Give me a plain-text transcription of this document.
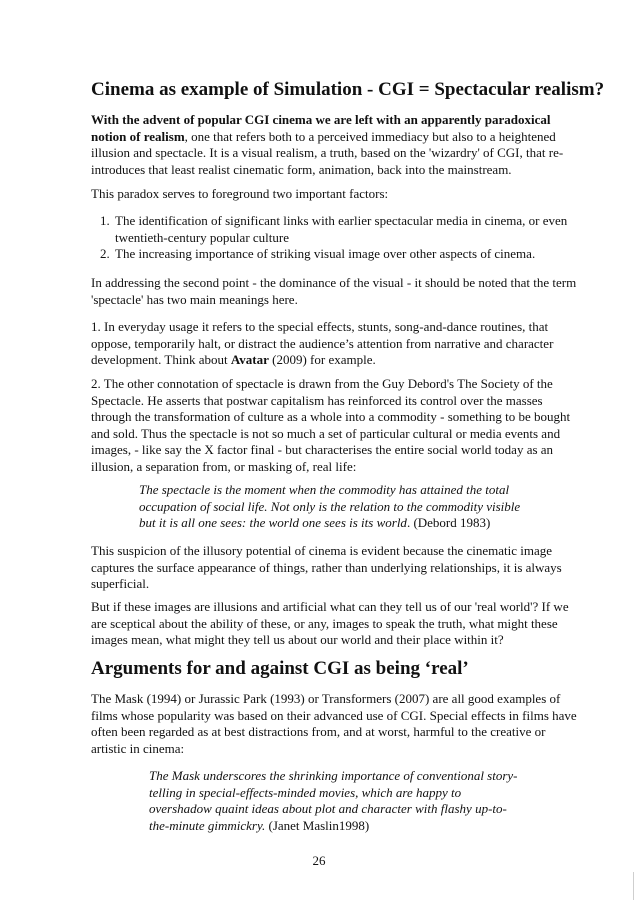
Cinema as example of Simulation - CGI = Spectacular realism?
With the advent of popular CGI cinema we are left with an apparently paradoxical notion of realism, one that refers both to a perceived immediacy but also to a heightened illusion and spectacle. It is a visual realism, a truth, based on the 'wizardry' of CGI, that re-introduces that least realist cinematic form, animation, back into the mainstream.
This paradox serves to foreground two important factors:
1. The identification of significant links with earlier spectacular media in cinema, or even twentieth-century popular culture
2. The increasing importance of striking visual image over other aspects of cinema.
In addressing the second point - the dominance of the visual - it should be noted that the term 'spectacle' has two main meanings here.
1. In everyday usage it refers to the special effects, stunts, song-and-dance routines, that oppose, temporarily halt, or distract the audience’s attention from narrative and character development. Think about Avatar (2009) for example.
2. The other connotation of spectacle is drawn from the Guy Debord's The Society of the Spectacle. He asserts that postwar capitalism has reinforced its control over the masses through the transformation of culture as a whole into a commodity - something to be bought and sold. Thus the spectacle is not so much a set of particular cultural or media events and images, - like say the X factor final - but characterises the entire social world today as an illusion, a separation from, or masking of, real life:
The spectacle is the moment when the commodity has attained the total
occupation of social life. Not only is the relation to the commodity visible
but it is all one sees: the world one sees is its world. (Debord 1983)
This suspicion of the illusory potential of cinema is evident because the cinematic image captures the surface appearance of things, rather than underlying relationships, it is always superficial.
But if these images are illusions and artificial what can they tell us of our 'real world'? If we are sceptical about the ability of these, or any, images to speak the truth, what might these images mean, what might they tell us about our world and their place within it?
Arguments for and against CGI as being ‘real’
The Mask (1994) or Jurassic Park (1993) or Transformers (2007) are all good examples of films whose popularity was based on their advanced use of CGI. Special effects in films have often been regarded as at best distractions from, and at worst, harmful to the creative or artistic in cinema:
The Mask underscores the shrinking importance of conventional story-
telling in special-effects-minded movies, which are happy to
overshadow quaint ideas about plot and character with flashy up-to-
the-minute gimmickry. (Janet Maslin1998)
26
